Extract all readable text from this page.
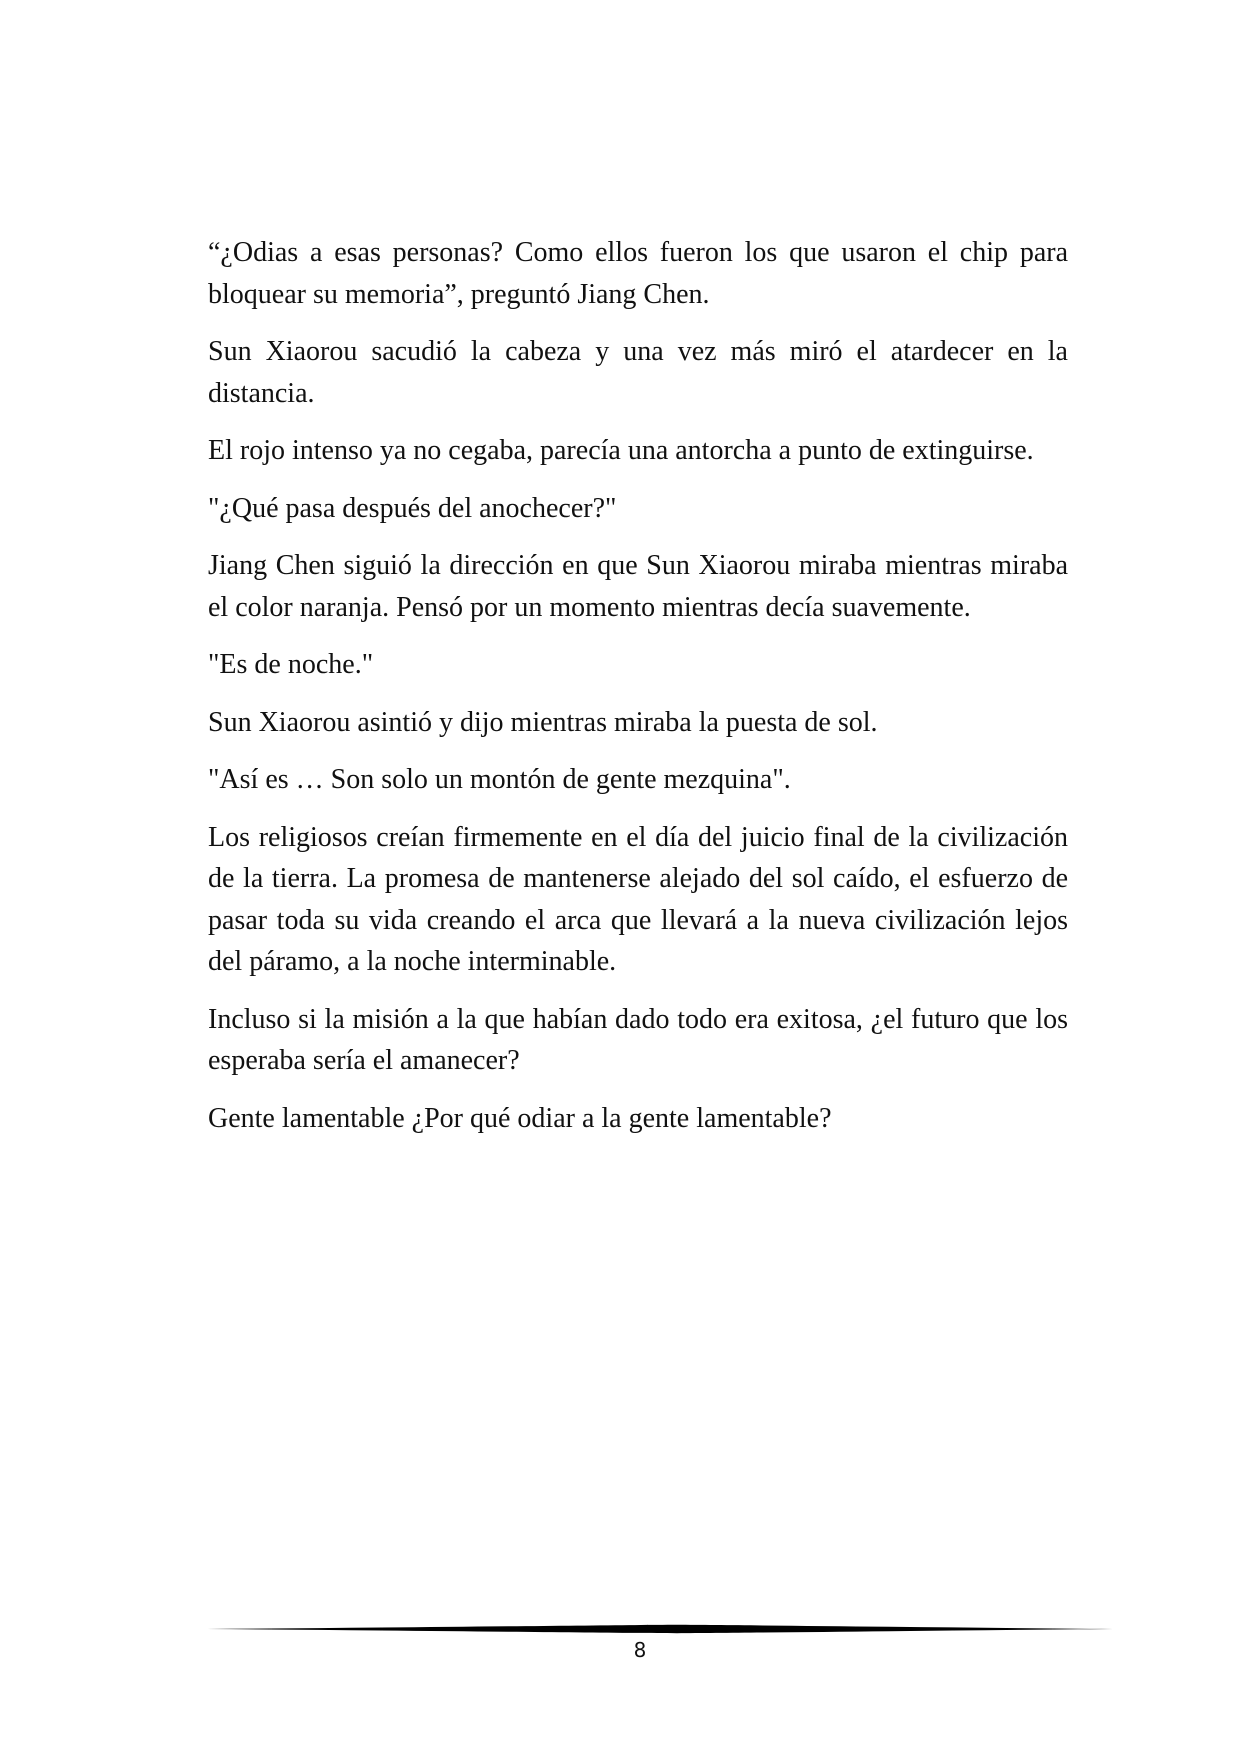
“¿Odias a esas personas? Como ellos fueron los que usaron el chip para bloquear su memoria”, preguntó Jiang Chen.

Sun Xiaorou sacudió la cabeza y una vez más miró el atardecer en la distancia.

El rojo intenso ya no cegaba, parecía una antorcha a punto de extinguirse.

"¿Qué pasa después del anochecer?"

Jiang Chen siguió la dirección en que Sun Xiaorou miraba mientras miraba el color naranja. Pensó por un momento mientras decía suavemente.

"Es de noche."

Sun Xiaorou asintió y dijo mientras miraba la puesta de sol.

"Así es … Son solo un montón de gente mezquina".

Los religiosos creían firmemente en el día del juicio final de la civilización de la tierra. La promesa de mantenerse alejado del sol caído, el esfuerzo de pasar toda su vida creando el arca que llevará a la nueva civilización lejos del páramo, a la noche interminable.

Incluso si la misión a la que habían dado todo era exitosa, ¿el futuro que los esperaba sería el amanecer?

Gente lamentable ¿Por qué odiar a la gente lamentable?

8
